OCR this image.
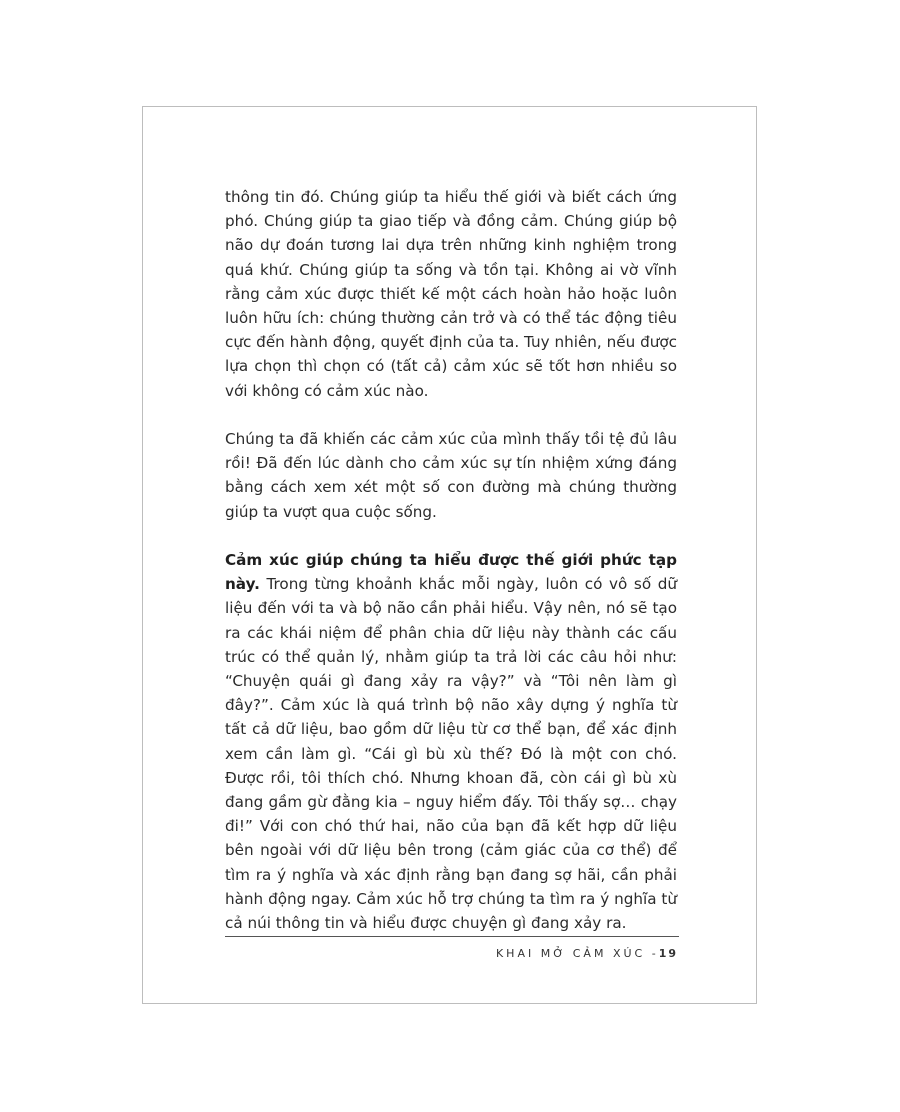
thông tin đó. Chúng giúp ta hiểu thế giới và biết cách ứng phó. Chúng giúp ta giao tiếp và đồng cảm. Chúng giúp bộ não dự đoán tương lai dựa trên những kinh nghiệm trong quá khứ. Chúng giúp ta sống và tồn tại. Không ai vờ vĩnh rằng cảm xúc được thiết kế một cách hoàn hảo hoặc luôn luôn hữu ích: chúng thường cản trở và có thể tác động tiêu cực đến hành động, quyết định của ta. Tuy nhiên, nếu được lựa chọn thì chọn có (tất cả) cảm xúc sẽ tốt hơn nhiều so với không có cảm xúc nào.

Chúng ta đã khiến các cảm xúc của mình thấy tồi tệ đủ lâu rồi! Đã đến lúc dành cho cảm xúc sự tín nhiệm xứng đáng bằng cách xem xét một số con đường mà chúng thường giúp ta vượt qua cuộc sống.

Cảm xúc giúp chúng ta hiểu được thế giới phức tạp này. Trong từng khoảnh khắc mỗi ngày, luôn có vô số dữ liệu đến với ta và bộ não cần phải hiểu. Vậy nên, nó sẽ tạo ra các khái niệm để phân chia dữ liệu này thành các cấu trúc có thể quản lý, nhằm giúp ta trả lời các câu hỏi như: “Chuyện quái gì đang xảy ra vậy?” và “Tôi nên làm gì đây?”. Cảm xúc là quá trình bộ não xây dựng ý nghĩa từ tất cả dữ liệu, bao gồm dữ liệu từ cơ thể bạn, để xác định xem cần làm gì. “Cái gì bù xù thế? Đó là một con chó. Được rồi, tôi thích chó. Nhưng khoan đã, còn cái gì bù xù đang gầm gừ đằng kia – nguy hiểm đấy. Tôi thấy sợ… chạy đi!” Với con chó thứ hai, não của bạn đã kết hợp dữ liệu bên ngoài với dữ liệu bên trong (cảm giác của cơ thể) để tìm ra ý nghĩa và xác định rằng bạn đang sợ hãi, cần phải hành động ngay. Cảm xúc hỗ trợ chúng ta tìm ra ý nghĩa từ cả núi thông tin và hiểu được chuyện gì đang xảy ra.

KHAI MỞ CẢM XÚC -19
